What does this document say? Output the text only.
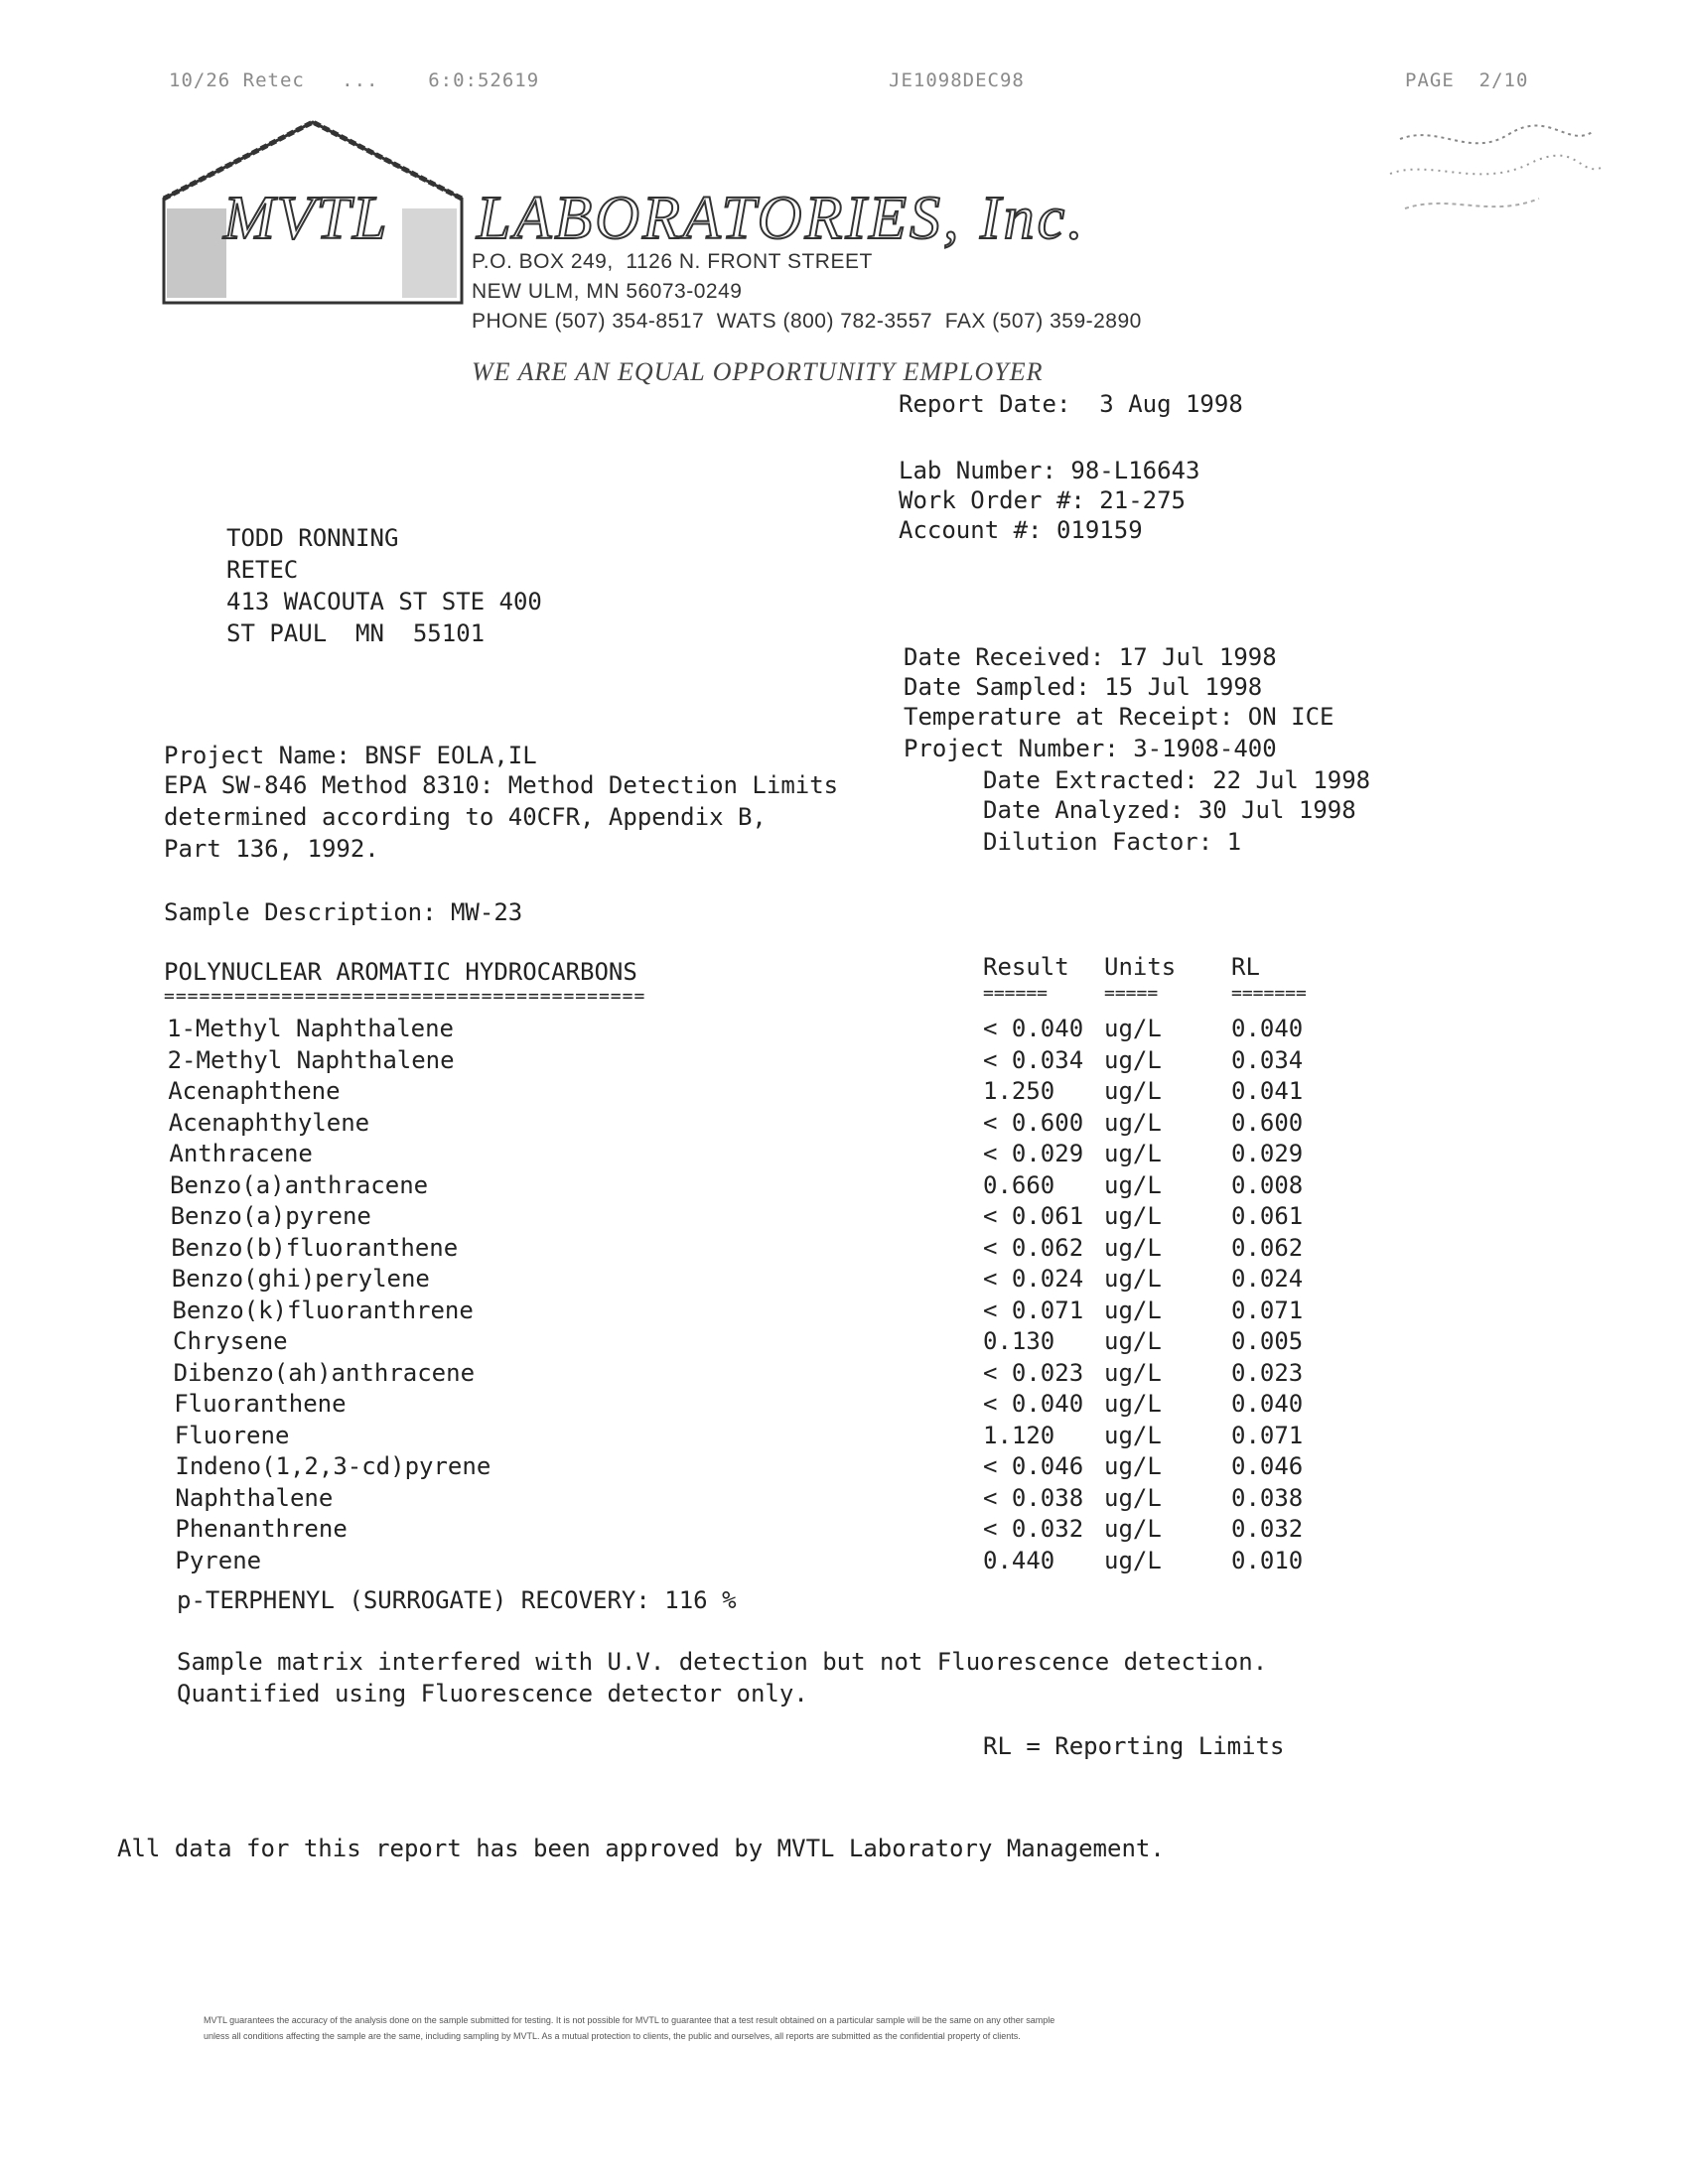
10/26 Retec   ...    6:0:52619	JE1098DEC98	PAGE  2/10
MVTL LABORATORIES, Inc.
P.O. BOX 249,  1126 N. FRONT STREET
NEW ULM, MN 56073-0249
PHONE (507) 354-8517  WATS (800) 782-3557  FAX (507) 359-2890
WE ARE AN EQUAL OPPORTUNITY EMPLOYER
Report Date:  3 Aug 1998
Lab Number: 98-L16643
Work Order #: 21-275
Account #: 019159
TODD RONNING
RETEC
413 WACOUTA ST STE 400
ST PAUL  MN  55101
Date Received: 17 Jul 1998
Date Sampled: 15 Jul 1998
Temperature at Receipt: ON ICE
Project Number: 3-1908-400
Date Extracted: 22 Jul 1998
Date Analyzed: 30 Jul 1998
Dilution Factor: 1
Project Name: BNSF EOLA,IL
EPA SW-846 Method 8310: Method Detection Limits
determined according to 40CFR, Appendix B,
Part 136, 1992.
Sample Description: MW-23
POLYNUCLEAR AROMATIC HYDROCARBONS
=========================================
Result Units RL
======	=====	=======
1-Methyl Naphthalene	< 0.040 ug/L	0.040
2-Methyl Naphthalene	< 0.034 ug/L	0.034
Acenaphthene	1.250 ug/L	0.041
Acenaphthylene	< 0.600 ug/L	0.600
Anthracene	< 0.029 ug/L	0.029
Benzo(a)anthracene	0.660 ug/L	0.008
Benzo(a)pyrene	< 0.061 ug/L	0.061
Benzo(b)fluoranthene	< 0.062 ug/L	0.062
Benzo(ghi)perylene	< 0.024 ug/L	0.024
Benzo(k)fluoranthrene	< 0.071 ug/L	0.071
Chrysene	0.130 ug/L	0.005
Dibenzo(ah)anthracene	< 0.023 ug/L	0.023
Fluoranthene	< 0.040 ug/L	0.040
Fluorene	1.120 ug/L	0.071
Indeno(1,2,3-cd)pyrene	< 0.046 ug/L	0.046
Naphthalene	< 0.038 ug/L	0.038
Phenanthrene	< 0.032 ug/L	0.032
Pyrene	0.440 ug/L	0.010
p-TERPHENYL (SURROGATE) RECOVERY: 116 %
Sample matrix interfered with U.V. detection but not Fluorescence detection.
Quantified using Fluorescence detector only.
RL = Reporting Limits
All data for this report has been approved by MVTL Laboratory Management.
MVTL guarantees the accuracy of the analysis done on the sample submitted for testing. It is not possible for MVTL to guarantee that a test result obtained on a particular sample will be the same on any other sample
unless all conditions affecting the sample are the same, including sampling by MVTL. As a mutual protection to clients, the public and ourselves, all reports are submitted as the confidential property of clients.
